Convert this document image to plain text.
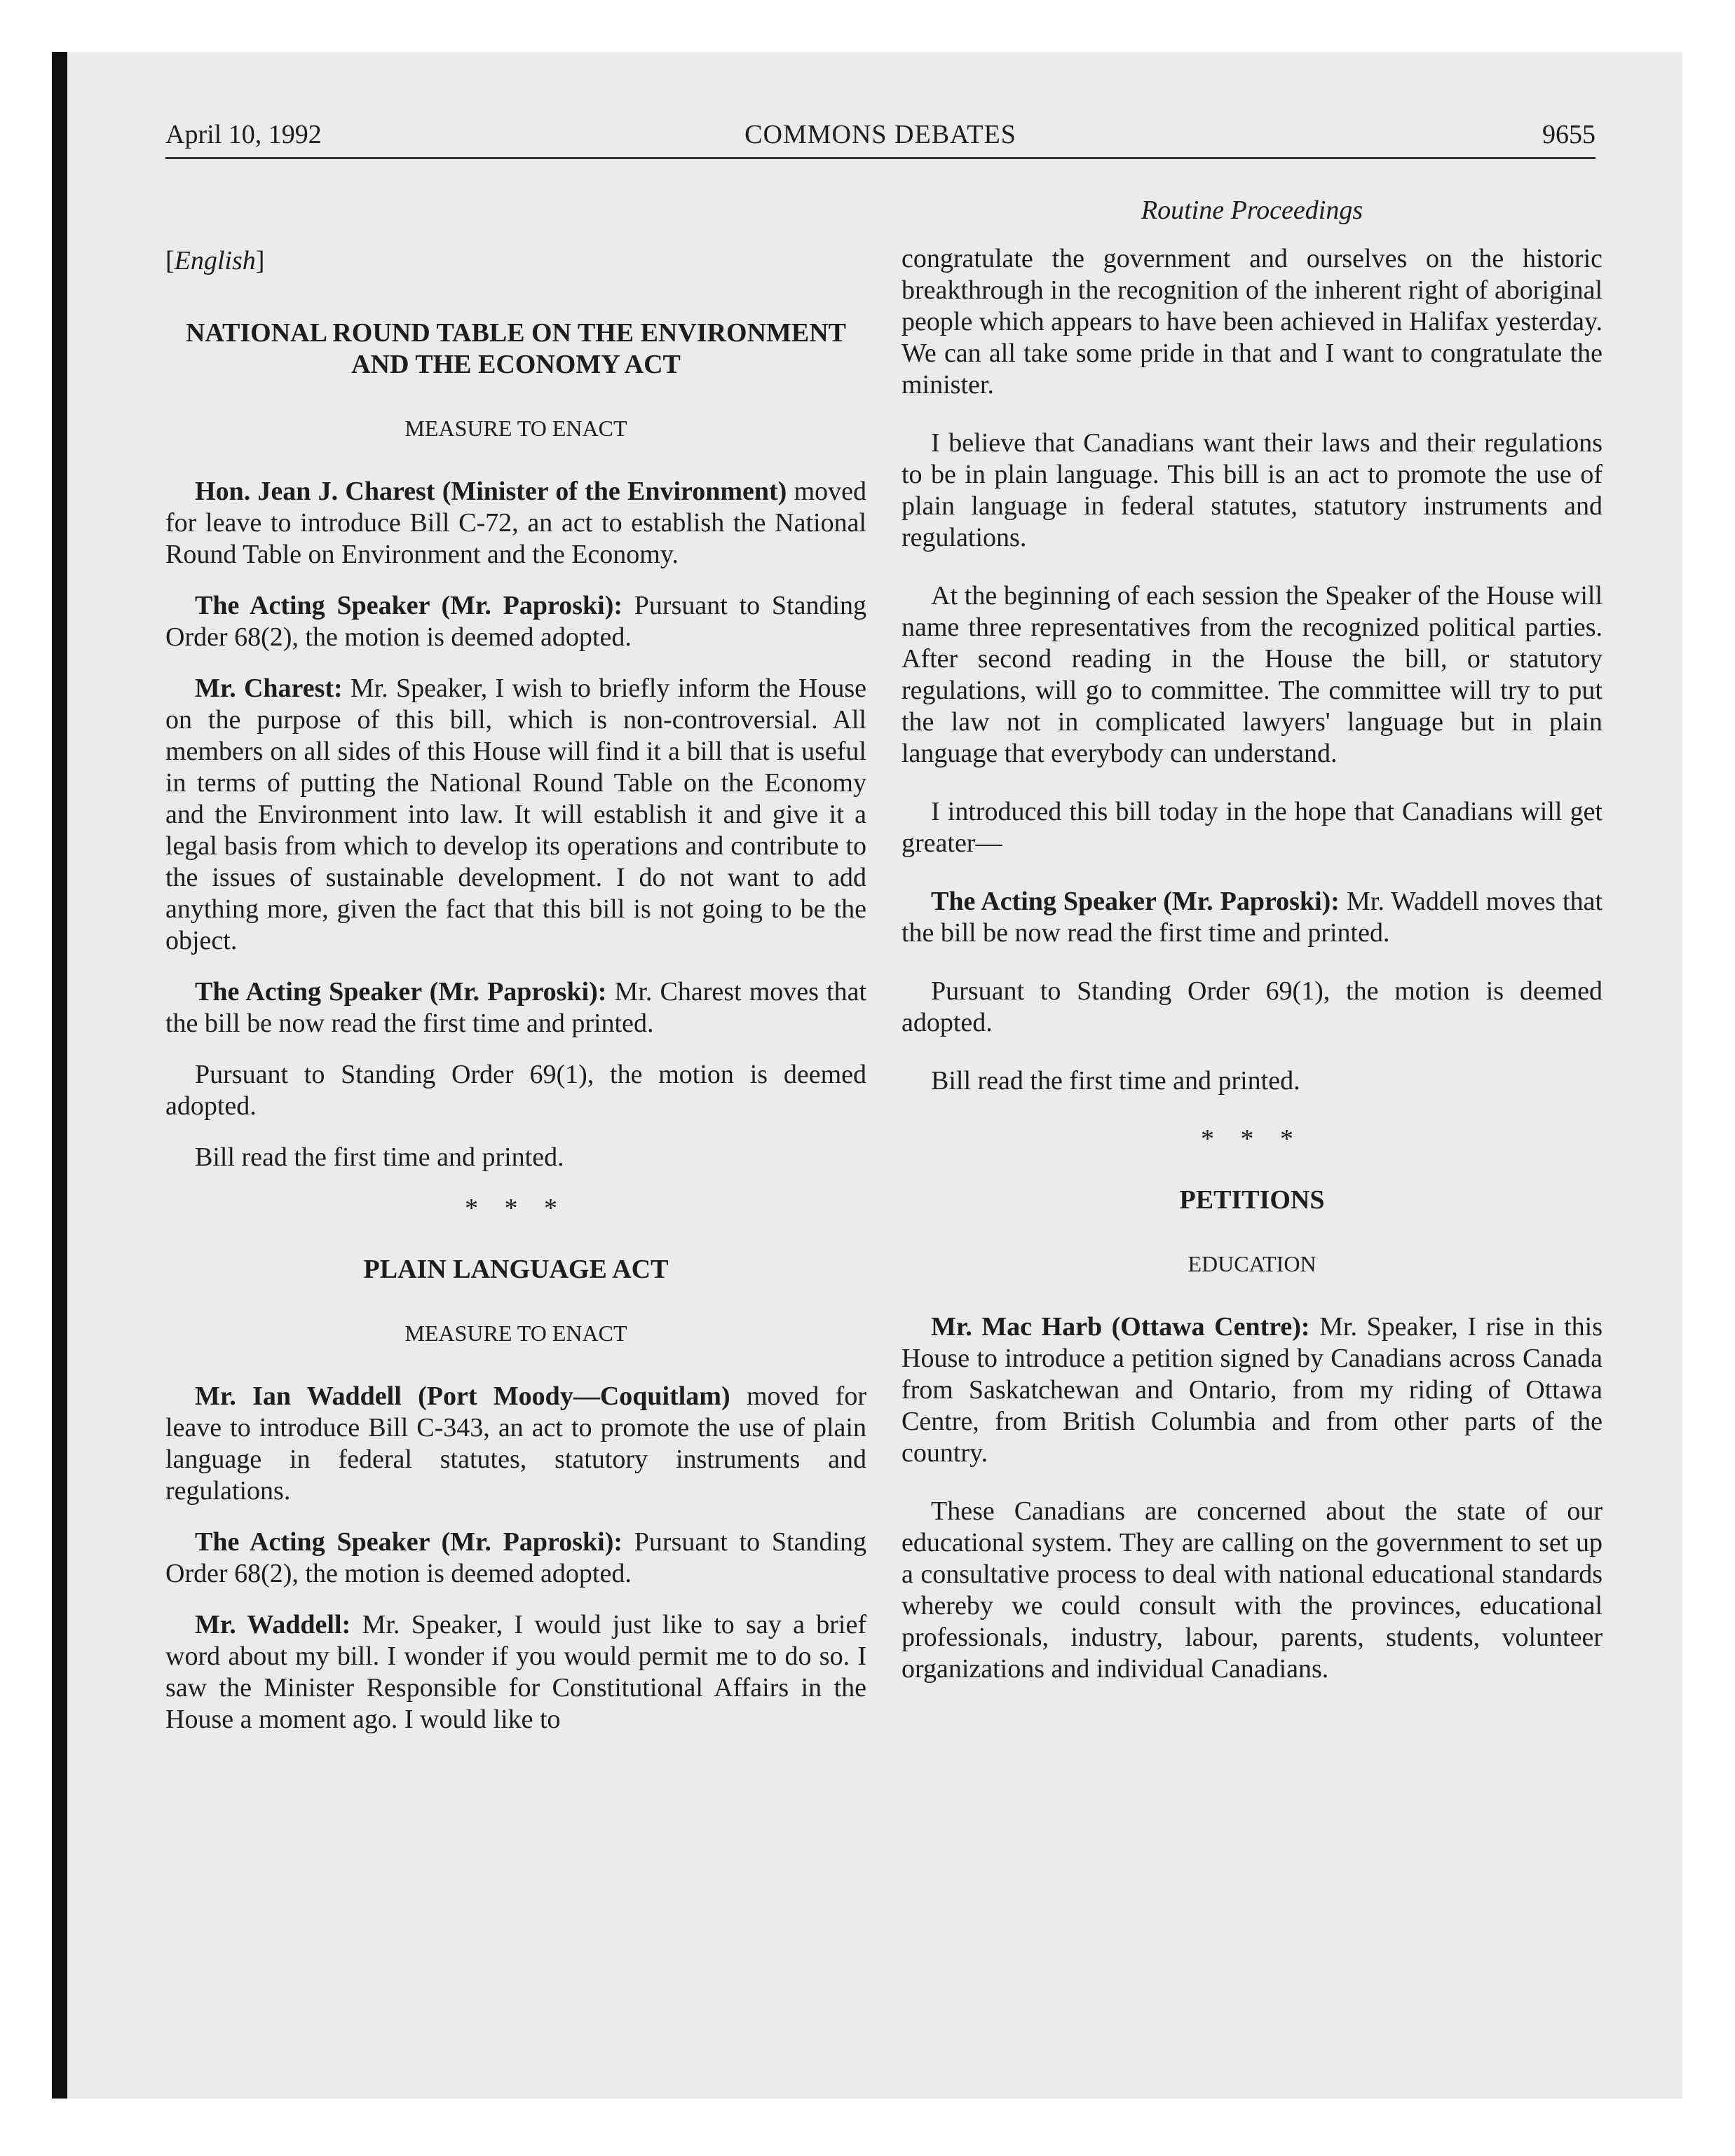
April 10, 1992	COMMONS DEBATES	9655

[English]

NATIONAL ROUND TABLE ON THE ENVIRONMENT AND THE ECONOMY ACT

MEASURE TO ENACT

Hon. Jean J. Charest (Minister of the Environment) moved for leave to introduce Bill C-72, an act to establish the National Round Table on Environment and the Economy.

The Acting Speaker (Mr. Paproski): Pursuant to Standing Order 68(2), the motion is deemed adopted.

Mr. Charest: Mr. Speaker, I wish to briefly inform the House on the purpose of this bill, which is non-controversial. All members on all sides of this House will find it a bill that is useful in terms of putting the National Round Table on the Economy and the Environment into law. It will establish it and give it a legal basis from which to develop its operations and contribute to the issues of sustainable development. I do not want to add anything more, given the fact that this bill is not going to be the object.

The Acting Speaker (Mr. Paproski): Mr. Charest moves that the bill be now read the first time and printed.

Pursuant to Standing Order 69(1), the motion is deemed adopted.

Bill read the first time and printed.

* * *

PLAIN LANGUAGE ACT

MEASURE TO ENACT

Mr. Ian Waddell (Port Moody—Coquitlam) moved for leave to introduce Bill C-343, an act to promote the use of plain language in federal statutes, statutory instruments and regulations.

The Acting Speaker (Mr. Paproski): Pursuant to Standing Order 68(2), the motion is deemed adopted.

Mr. Waddell: Mr. Speaker, I would just like to say a brief word about my bill. I wonder if you would permit me to do so. I saw the Minister Responsible for Constitutional Affairs in the House a moment ago. I would like to

Routine Proceedings

congratulate the government and ourselves on the historic breakthrough in the recognition of the inherent right of aboriginal people which appears to have been achieved in Halifax yesterday. We can all take some pride in that and I want to congratulate the minister.

I believe that Canadians want their laws and their regulations to be in plain language. This bill is an act to promote the use of plain language in federal statutes, statutory instruments and regulations.

At the beginning of each session the Speaker of the House will name three representatives from the recognized political parties. After second reading in the House the bill, or statutory regulations, will go to committee. The committee will try to put the law not in complicated lawyers' language but in plain language that everybody can understand.

I introduced this bill today in the hope that Canadians will get greater—

The Acting Speaker (Mr. Paproski): Mr. Waddell moves that the bill be now read the first time and printed.

Pursuant to Standing Order 69(1), the motion is deemed adopted.

Bill read the first time and printed.

* * *

PETITIONS

EDUCATION

Mr. Mac Harb (Ottawa Centre): Mr. Speaker, I rise in this House to introduce a petition signed by Canadians across Canada from Saskatchewan and Ontario, from my riding of Ottawa Centre, from British Columbia and from other parts of the country.

These Canadians are concerned about the state of our educational system. They are calling on the government to set up a consultative process to deal with national educational standards whereby we could consult with the provinces, educational professionals, industry, labour, parents, students, volunteer organizations and individual Canadians.
